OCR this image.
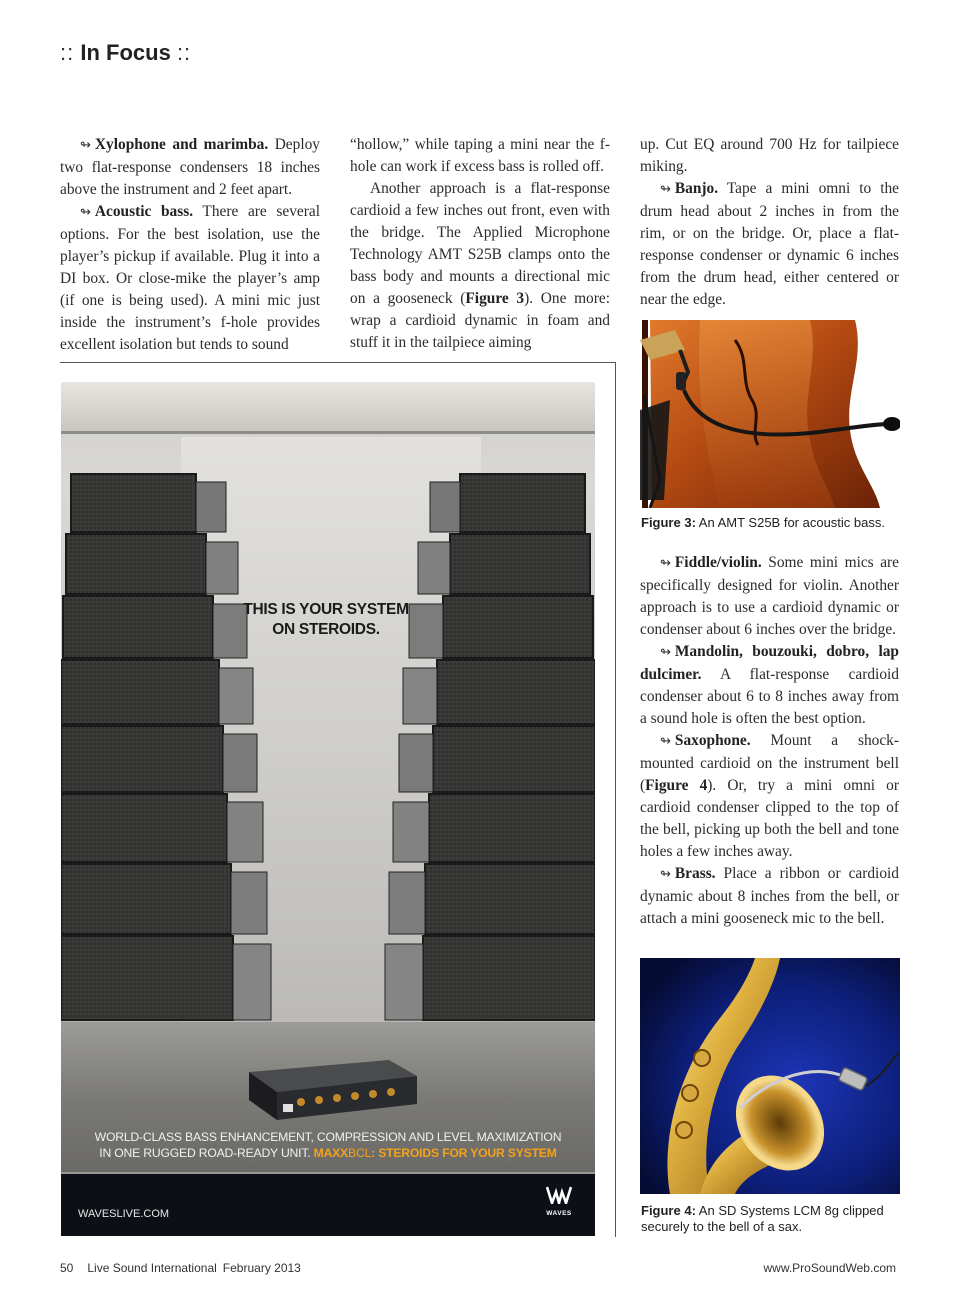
:: In Focus ::

↬ Xylophone and marimba. Deploy two flat-response condensers 18 inches above the instrument and 2 feet apart.

↬ Acoustic bass. There are several options. For the best isolation, use the player’s pickup if available. Plug it into a DI box. Or close-mike the player’s amp (if one is being used). A mini mic just inside the instrument’s f-hole provides excellent isolation but tends to sound

“hollow,” while taping a mini near the f-hole can work if excess bass is rolled off.

Another approach is a flat-response cardioid a few inches out front, even with the bridge. The Applied Microphone Technology AMT S25B clamps onto the bass body and mounts a directional mic on a gooseneck (Figure 3). One more: wrap a cardioid dynamic in foam and stuff it in the tailpiece aiming

up. Cut EQ around 700 Hz for tailpiece miking.

↬ Banjo. Tape a mini omni to the drum head about 2 inches in from the rim, or on the bridge. Or, place a flat-response condenser or dynamic 6 inches from the drum head, either centered or near the edge.

Figure 3: An AMT S25B for acoustic bass.

↬ Fiddle/violin. Some mini mics are specifically designed for violin. Another approach is to use a cardioid dynamic or condenser about 6 inches over the bridge.

↬ Mandolin, bouzouki, dobro, lap dulcimer. A flat-response cardioid condenser about 6 to 8 inches away from a sound hole is often the best option.

↬ Saxophone. Mount a shock-mounted cardioid on the instrument bell (Figure 4). Or, try a mini omni or cardioid condenser clipped to the top of the bell, picking up both the bell and tone holes a few inches away.

↬ Brass. Place a ribbon or cardioid dynamic about 8 inches from the bell, or attach a mini gooseneck mic to the bell.

Figure 4: An SD Systems LCM 8g clipped securely to the bell of a sax.
THIS IS YOUR SYSTEM
ON STEROIDS.
WORLD-CLASS BASS ENHANCEMENT, COMPRESSION AND LEVEL MAXIMIZATION
IN ONE RUGGED ROAD-READY UNIT. MAXXBCL: STEROIDS FOR YOUR SYSTEM
WAVESLIVE.COM	WAVES
50 Live Sound International February 2013	www.ProSoundWeb.com
